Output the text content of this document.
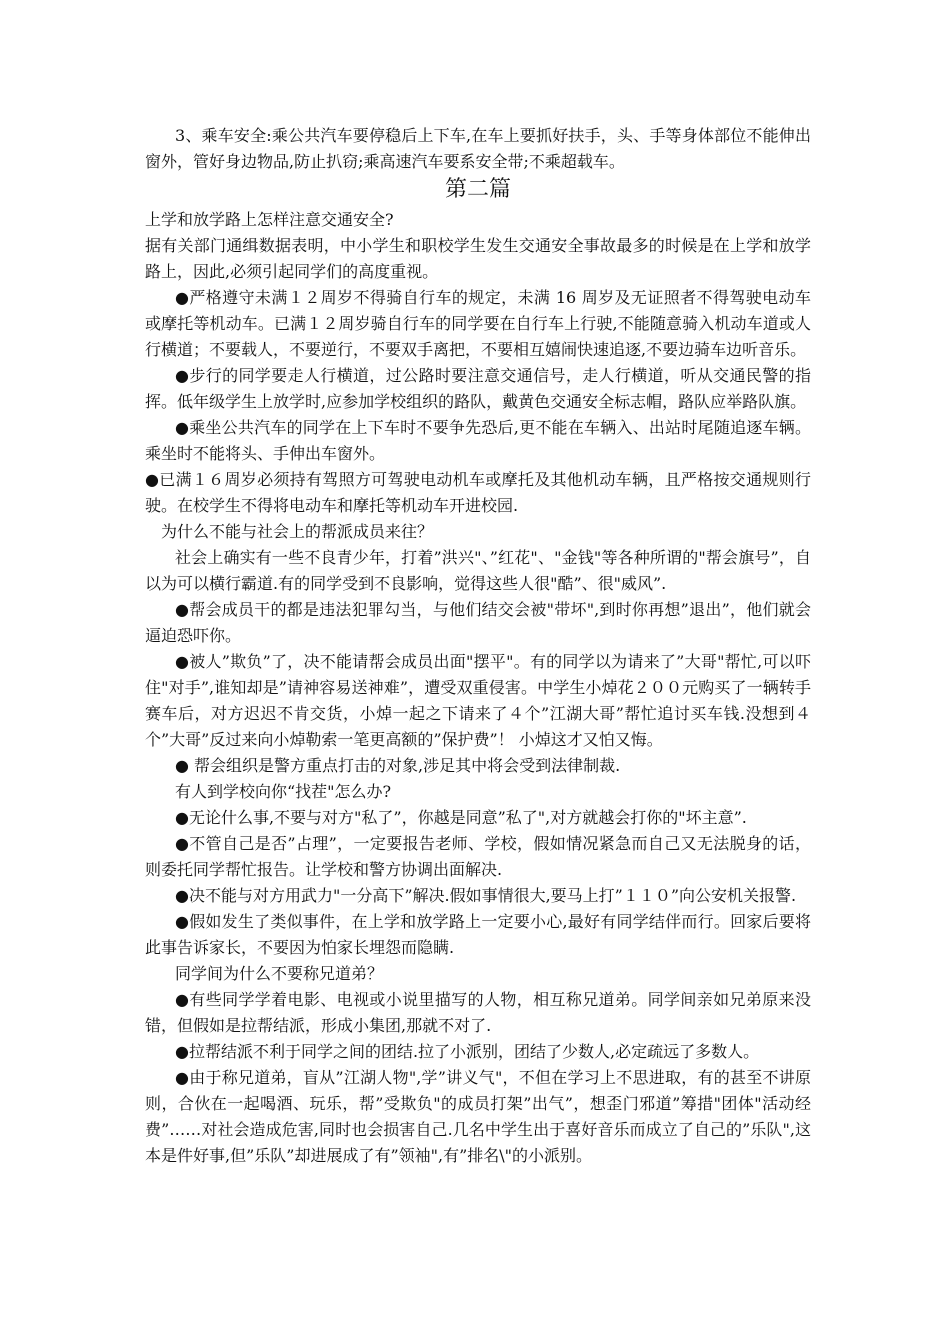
3、乘车安全:乘公共汽车要停稳后上下车,在车上要抓好扶手，头、手等身体部位不能伸出窗外，管好身边物品,防止扒窃;乘高速汽车要系安全带;不乘超载车。

第二篇

上学和放学路上怎样注意交通安全?

据有关部门通缉数据表明，中小学生和职校学生发生交通安全事故最多的时候是在上学和放学路上，因此,必须引起同学们的高度重视。

●严格遵守未满１２周岁不得骑自行车的规定，未满 16 周岁及无证照者不得驾驶电动车或摩托等机动车。已满１２周岁骑自行车的同学要在自行车上行驶,不能随意骑入机动车道或人行横道；不要载人，不要逆行，不要双手离把，不要相互嬉闹快速追逐,不要边骑车边听音乐。

●步行的同学要走人行横道，过公路时要注意交通信号，走人行横道，听从交通民警的指挥。低年级学生上放学时,应参加学校组织的路队，戴黄色交通安全标志帽，路队应举路队旗。

●乘坐公共汽车的同学在上下车时不要争先恐后,更不能在车辆入、出站时尾随追逐车辆。乘坐时不能将头、手伸出车窗外。

●已满１６周岁必须持有驾照方可驾驶电动机车或摩托及其他机动车辆，且严格按交通规则行驶。在校学生不得将电动车和摩托等机动车开进校园.

为什么不能与社会上的帮派成员来往？

社会上确实有一些不良青少年，打着”洪兴"、”红花"、"金钱"等各种所谓的"帮会旗号”，自以为可以横行霸道.有的同学受到不良影响，觉得这些人很"酷”、很"威风”.

●帮会成员干的都是违法犯罪勾当，与他们结交会被"带坏",到时你再想”退出”，他们就会逼迫恐吓你。

●被人”欺负”了，决不能请帮会成员出面"摆平"。有的同学以为请来了”大哥"帮忙,可以吓住"对手”,谁知却是”请神容易送神难”，遭受双重侵害。中学生小焯花２００元购买了一辆转手赛车后，对方迟迟不肯交货，小焯一起之下请来了４个”江湖大哥”帮忙追讨买车钱.没想到４个”大哥”反过来向小焯勒索一笔更高额的”保护费”！ 小焯这才又怕又悔。

● 帮会组织是警方重点打击的对象,涉足其中将会受到法律制裁.

有人到学校向你“找茬"怎么办?

●无论什么事,不要与对方"私了”，你越是同意”私了",对方就越会打你的"坏主意”.

●不管自己是否”占理”，一定要报告老师、学校，假如情况紧急而自己又无法脱身的话，则委托同学帮忙报告。让学校和警方协调出面解决.

●决不能与对方用武力"一分高下”解决.假如事情很大,要马上打”１１０”向公安机关报警.

●假如发生了类似事件，在上学和放学路上一定要小心,最好有同学结伴而行。回家后要将此事告诉家长，不要因为怕家长埋怨而隐瞒.

同学间为什么不要称兄道弟？

●有些同学学着电影、电视或小说里描写的人物，相互称兄道弟。同学间亲如兄弟原来没错，但假如是拉帮结派，形成小集团,那就不对了.

●拉帮结派不利于同学之间的团结.拉了小派别，团结了少数人,必定疏远了多数人。

●由于称兄道弟，盲从”江湖人物",学”讲义气"，不但在学习上不思进取，有的甚至不讲原则，合伙在一起喝酒、玩乐，帮”受欺负"的成员打架”出气”，想歪门邪道”筹措"团体"活动经费”……对社会造成危害,同时也会损害自己.几名中学生出于喜好音乐而成立了自己的”乐队",这本是件好事,但”乐队”却进展成了有”领袖",有”排名\"的小派别。
